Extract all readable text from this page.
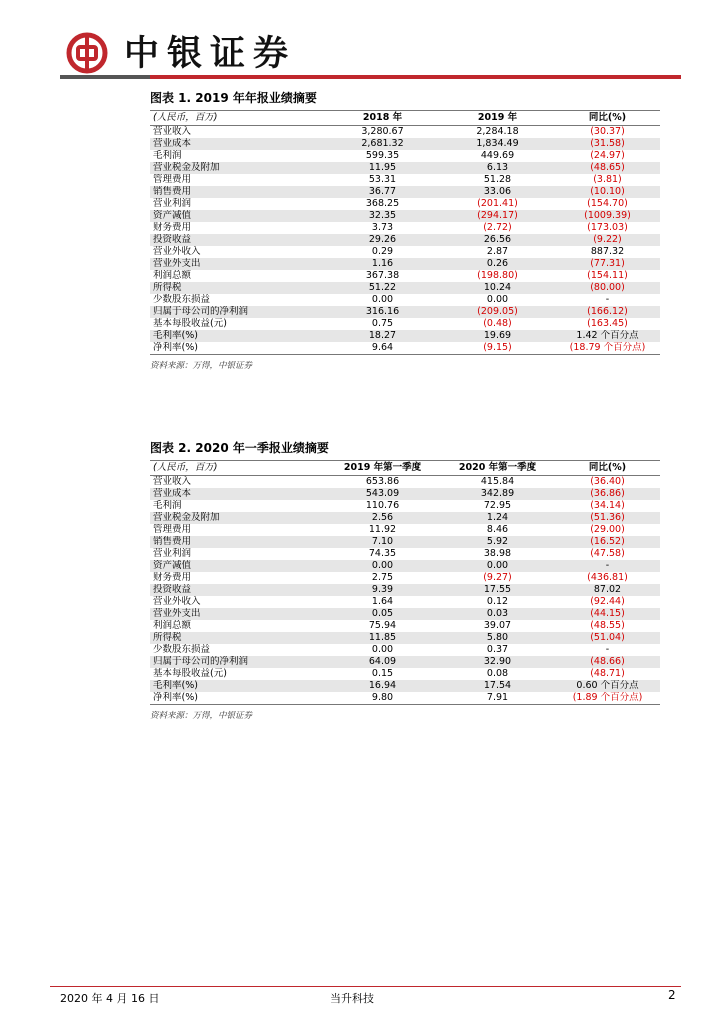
中银证券
图表 1. 2019 年年报业绩摘要
(人民币，百万)	2018 年	2019 年	同比(%)
营业收入	3,280.67	2,284.18	(30.37)
营业成本	2,681.32	1,834.49	(31.58)
毛利润	599.35	449.69	(24.97)
营业税金及附加	11.95	6.13	(48.65)
管理费用	53.31	51.28	(3.81)
销售费用	36.77	33.06	(10.10)
营业利润	368.25	(201.41)	(154.70)
资产减值	32.35	(294.17)	(1009.39)
财务费用	3.73	(2.72)	(173.03)
投资收益	29.26	26.56	(9.22)
营业外收入	0.29	2.87	887.32
营业外支出	1.16	0.26	(77.31)
利润总额	367.38	(198.80)	(154.11)
所得税	51.22	10.24	(80.00)
少数股东损益	0.00	0.00	-
归属于母公司的净利润	316.16	(209.05)	(166.12)
基本每股收益(元)	0.75	(0.48)	(163.45)
毛利率(%)	18.27	19.69	1.42 个百分点
净利率(%)	9.64	(9.15)	(18.79 个百分点)
资料来源：万得，中银证券
图表 2. 2020 年一季报业绩摘要
(人民币，百万)	2019 年第一季度	2020 年第一季度	同比(%)
营业收入	653.86	415.84	(36.40)
营业成本	543.09	342.89	(36.86)
毛利润	110.76	72.95	(34.14)
营业税金及附加	2.56	1.24	(51.36)
管理费用	11.92	8.46	(29.00)
销售费用	7.10	5.92	(16.52)
营业利润	74.35	38.98	(47.58)
资产减值	0.00	0.00	-
财务费用	2.75	(9.27)	(436.81)
投资收益	9.39	17.55	87.02
营业外收入	1.64	0.12	(92.44)
营业外支出	0.05	0.03	(44.15)
利润总额	75.94	39.07	(48.55)
所得税	11.85	5.80	(51.04)
少数股东损益	0.00	0.37	-
归属于母公司的净利润	64.09	32.90	(48.66)
基本每股收益(元)	0.15	0.08	(48.71)
毛利率(%)	16.94	17.54	0.60 个百分点
净利率(%)	9.80	7.91	(1.89 个百分点)
资料来源：万得，中银证券
2020 年 4 月 16 日	当升科技	2
